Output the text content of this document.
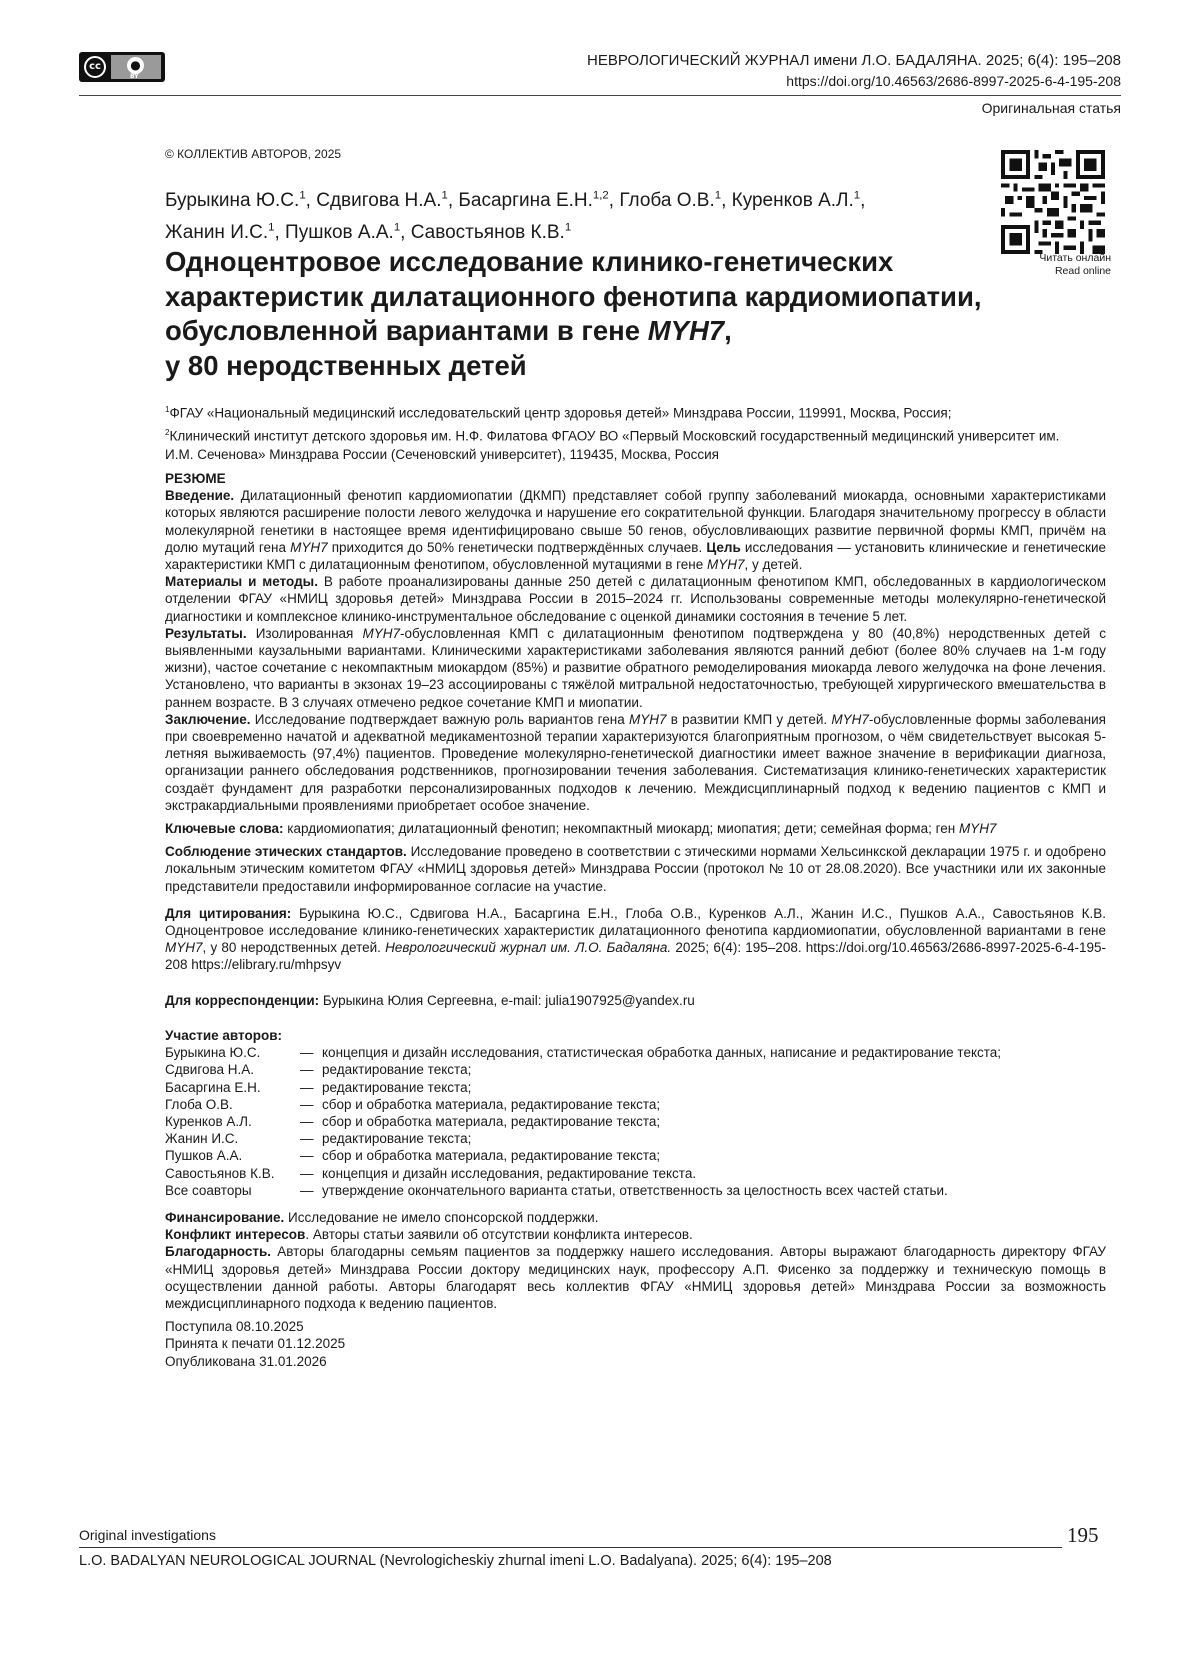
cc	●
BY
НЕВРОЛОГИЧЕСКИЙ ЖУРНАЛ имени Л.О. БАДАЛЯНА. 2025; 6(4): 195–208
https://doi.org/10.46563/2686-8997-2025-6-4-195-208
Оригинальная статья
© КОЛЛЕКТИВ АВТОРОВ, 2025
Читать онлайн
Read online
Бурыкина Ю.С.$^1$, Сдвигова Н.А.$^1$, Басаргина Е.Н.$^{1,2}$, Глоба О.В.$^1$, Куренков А.Л.$^1$,
Жанин И.С.$^1$, Пушков А.А.$^1$, Савостьянов К.В.$^1$
Одноцентровое исследование клинико-генетических
характеристик дилатационного фенотипа кардиомиопатии,
обусловленной вариантами в гене MYH7,
у 80 неродственных детей
$^1$ФГАУ «Национальный медицинский исследовательский центр здоровья детей» Минздрава России, 119991, Москва, Россия;
$^2$Клинический институт детского здоровья им. Н.Ф. Филатова ФГАОУ ВО «Первый Московский государственный медицинский университет им. И.М. Сеченова» Минздрава России (Сеченовский университет), 119435, Москва, Россия

РЕЗЮМЕ

Введение. Дилатационный фенотип кардиомиопатии (ДКМП) представляет собой группу заболеваний миокарда, основными характеристиками которых являются расширение полости левого желудочка и нарушение его сократительной функции. Благодаря значительному прогрессу в области молекулярной генетики в настоящее время идентифицировано свыше 50 генов, обусловливающих развитие первичной формы КМП, причём на долю мутаций гена MYH7 приходится до 50% генетически подтверждённых случаев. Цель исследования — установить клинические и генетические характеристики КМП с дилатационным фенотипом, обусловленной мутациями в гене MYH7, у детей.

Материалы и методы. В работе проанализированы данные 250 детей с дилатационным фенотипом КМП, обследованных в кардиологическом отделении ФГАУ «НМИЦ здоровья детей» Минздрава России в 2015–2024 гг. Использованы современные методы молекулярно-генетической диагностики и комплексное клинико-инструментальное обследование с оценкой динамики состояния в течение 5 лет.

Результаты. Изолированная MYH7-обусловленная КМП с дилатационным фенотипом подтверждена у 80 (40,8%) неродственных детей с выявленными каузальными вариантами. Клиническими характеристиками заболевания являются ранний дебют (более 80% случаев на 1-м году жизни), частое сочетание с некомпактным миокардом (85%) и развитие обратного ремоделирования миокарда левого желудочка на фоне лечения. Установлено, что варианты в экзонах 19–23 ассоциированы с тяжёлой митральной недостаточностью, требующей хирургического вмешательства в раннем возрасте. В 3 случаях отмечено редкое сочетание КМП и миопатии.

Заключение. Исследование подтверждает важную роль вариантов гена MYH7 в развитии КМП у детей. MYH7-обусловленные формы заболевания при своевременно начатой и адекватной медикаментозной терапии характеризуются благоприятным прогнозом, о чём свидетельствует высокая 5-летняя выживаемость (97,4%) пациентов. Проведение молекулярно-генетической диагностики имеет важное значение в верификации диагноза, организации раннего обследования родственников, прогнозировании течения заболевания. Систематизация клинико-генетических характеристик создаёт фундамент для разработки персонализированных подходов к лечению. Междисциплинарный подход к ведению пациентов с КМП и экстракардиальными проявлениями приобретает особое значение.

Ключевые слова: кардиомиопатия; дилатационный фенотип; некомпактный миокард; миопатия; дети; семейная форма; ген MYH7

Соблюдение этических стандартов. Исследование проведено в соответствии с этическими нормами Хельсинкской декларации 1975 г. и одобрено локальным этическим комитетом ФГАУ «НМИЦ здоровья детей» Минздрава России (протокол № 10 от 28.08.2020). Все участники или их законные представители предоставили информированное согласие на участие.

Для цитирования: Бурыкина Ю.С., Сдвигова Н.А., Басаргина Е.Н., Глоба О.В., Куренков А.Л., Жанин И.С., Пушков А.А., Савостьянов К.В. Одноцентровое исследование клинико-генетических характеристик дилатационного фенотипа кардиомиопатии, обусловленной вариантами в гене MYH7, у 80 неродственных детей. Неврологический журнал им. Л.О. Бадаляна. 2025; 6(4): 195–208. https://doi.org/10.46563/2686-8997-2025-6-4-195-208 https://elibrary.ru/mhpsyv

Для корреспонденции: Бурыкина Юлия Сергеевна, e-mail: julia1907925@yandex.ru

Участие авторов:

Бурыкина Ю.С.	— концепция и дизайн исследования, статистическая обработка данных, написание и редактирование текста;
Сдвигова Н.А.	— редактирование текста;
Басаргина Е.Н.	— редактирование текста;
Глоба О.В.	— сбор и обработка материала, редактирование текста;
Куренков А.Л.	— сбор и обработка материала, редактирование текста;
Жанин И.С.	— редактирование текста;
Пушков А.А.	— сбор и обработка материала, редактирование текста;
Савостьянов К.В.	— концепция и дизайн исследования, редактирование текста.
Все соавторы	— утверждение окончательного варианта статьи, ответственность за целостность всех частей статьи.

Финансирование. Исследование не имело спонсорской поддержки.

Конфликт интересов. Авторы статьи заявили об отсутствии конфликта интересов.

Благодарность. Авторы благодарны семьям пациентов за поддержку нашего исследования. Авторы выражают благодарность директору ФГАУ «НМИЦ здоровья детей» Минздрава России доктору медицинских наук, профессору А.П. Фисенко за поддержку и техническую помощь в осуществлении данной работы. Авторы благодарят весь коллектив ФГАУ «НМИЦ здоровья детей» Минздрава России за возможность междисциплинарного подхода к ведению пациентов.

Поступила 08.10.2025

Принята к печати 01.12.2025

Опубликована 31.01.2026

Original investigations	195
L.O. BADALYAN NEUROLOGICAL JOURNAL (Nevrologicheskiy zhurnal imeni L.O. Badalyana). 2025; 6(4): 195–208
